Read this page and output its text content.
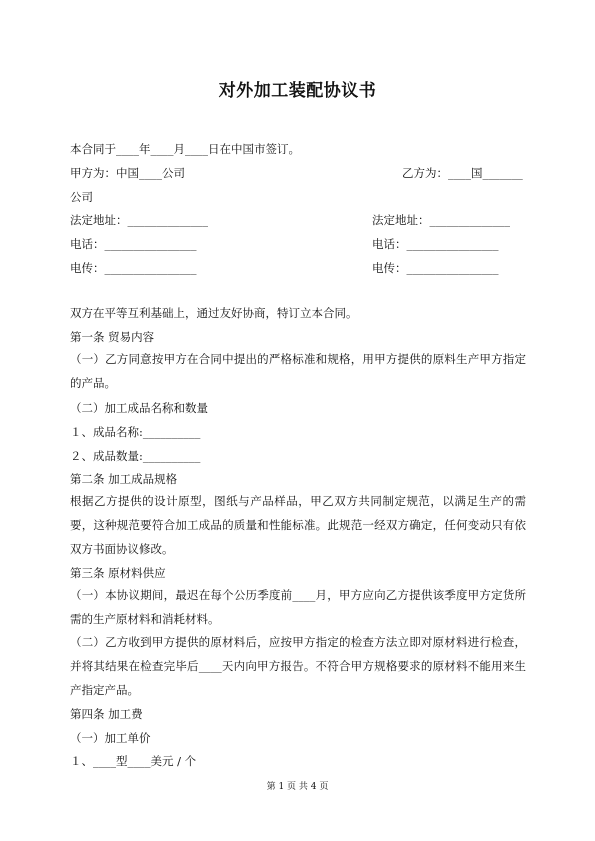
对外加工装配协议书
本合同于____年____月____日在中国市签订。
甲方为：中国____公司	乙方为：____国_______
公司
法定地址：______________	法定地址：______________
电话：________________	电话：________________
电传：________________	电传：________________
双方在平等互利基础上，通过友好协商，特订立本合同。
第一条 贸易内容
（一）乙方同意按甲方在合同中提出的严格标准和规格，用甲方提供的原料生产甲方指定的产品。
（二）加工成品名称和数量
１、成品名称:__________
２、成品数量:__________
第二条 加工成品规格
根据乙方提供的设计原型，图纸与产品样品，甲乙双方共同制定规范，以满足生产的需要，这种规范要符合加工成品的质量和性能标准。此规范一经双方确定，任何变动只有依双方书面协议修改。
第三条 原材料供应
（一）本协议期间，最迟在每个公历季度前____月，甲方应向乙方提供该季度甲方定货所需的生产原材料和消耗材料。
（二）乙方收到甲方提供的原材料后，应按甲方指定的检查方法立即对原材料进行检查，并将其结果在检查完毕后____天内向甲方报告。不符合甲方规格要求的原材料不能用来生产指定产品。
第四条 加工费
（一）加工单价
１、____型____美元 / 个
第 1 页 共 4 页
